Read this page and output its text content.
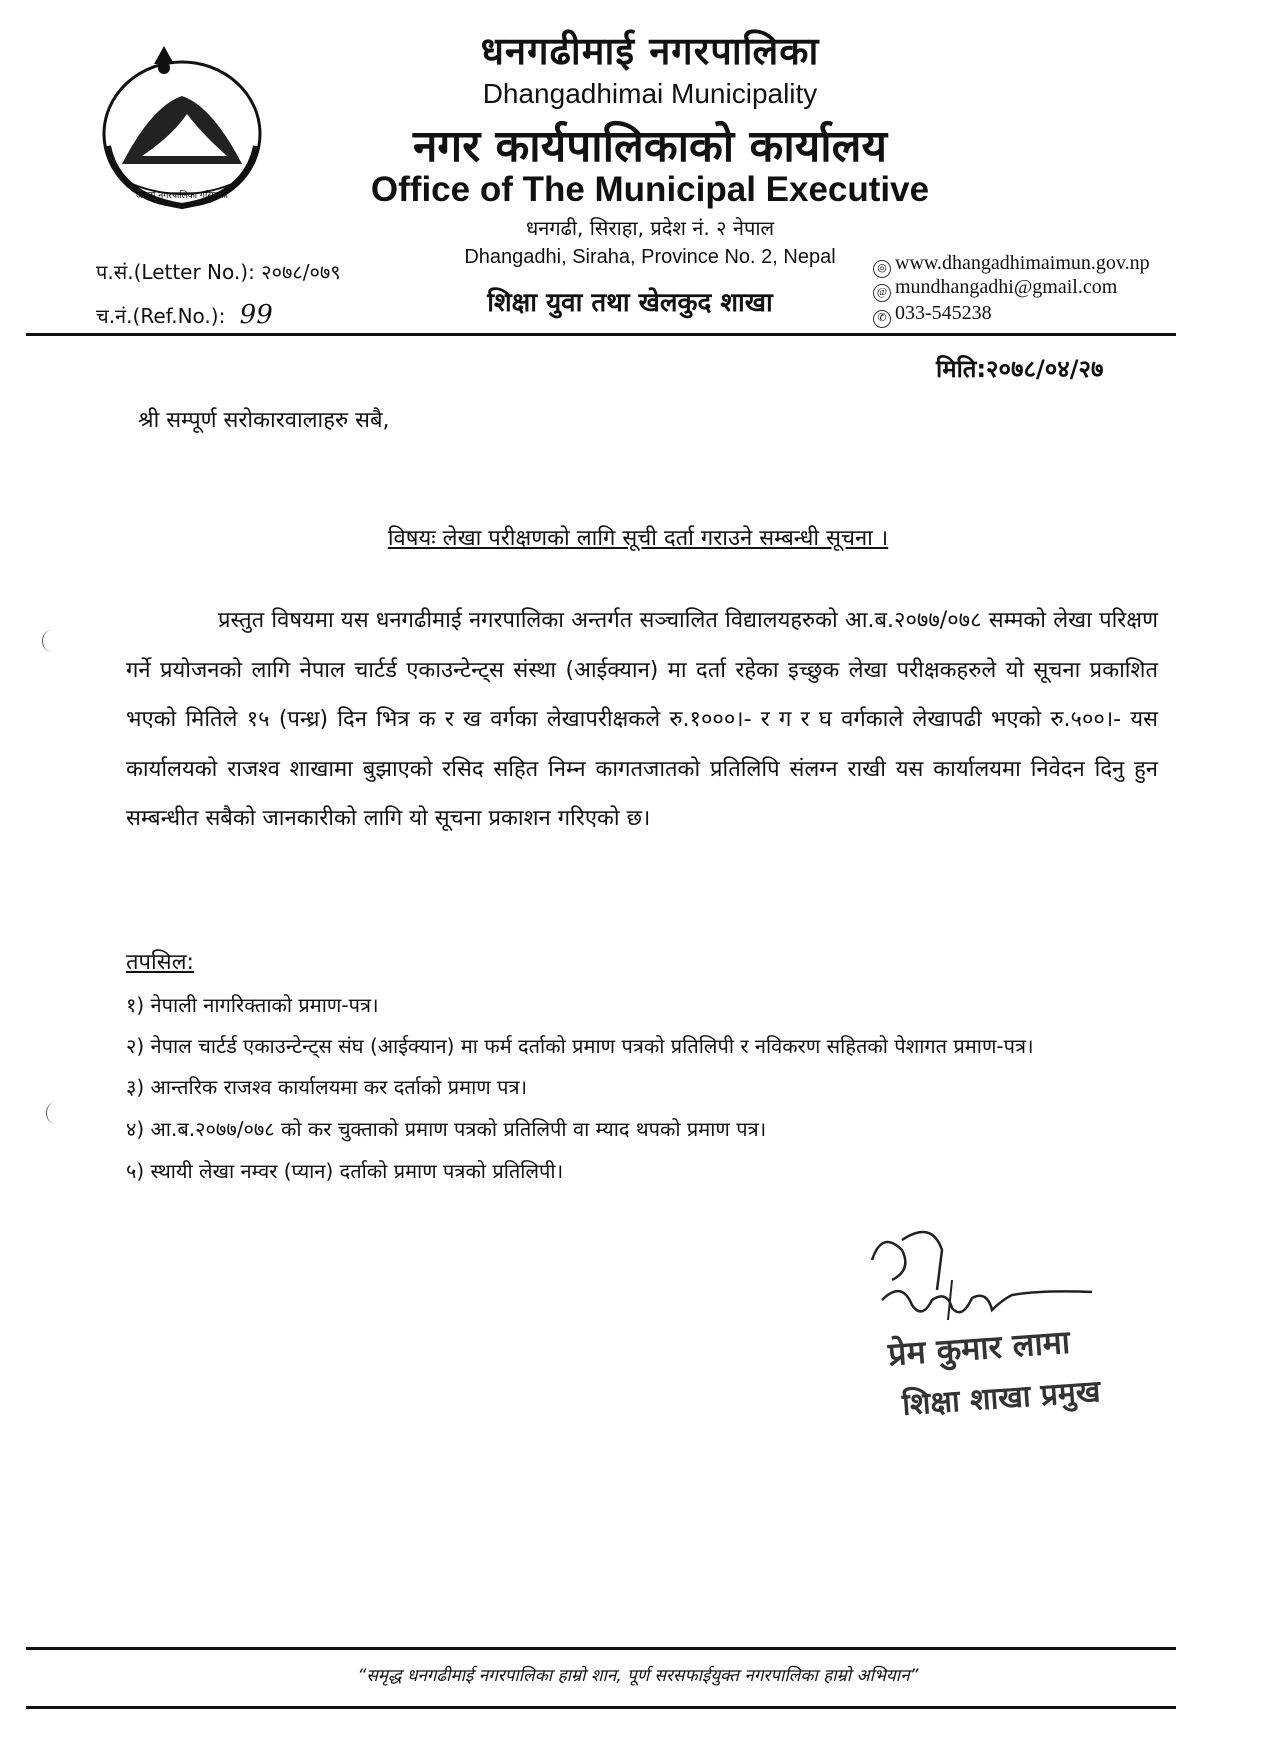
अपनो नगरपालिका गरिमाको
धनगढीमाई नगरपालिका
Dhangadhimai Municipality
नगर कार्यपालिकाको कार्यालय
Office of The Municipal Executive
धनगढी, सिराहा, प्रदेश नं. २ नेपाल
Dhangadhi, Siraha, Province No. 2, Nepal
शिक्षा युवा तथा खेलकुद शाखा
प.सं.(Letter No.): २०७८/०७९
च.नं.(Ref.No.): 99
◎ www.dhangadhimaimun.gov.np
@ mundhangadhi@gmail.com
✆ 033-545238
मिति:२०७८/०४/२७
श्री सम्पूर्ण सरोकारवालाहरु सबै,
विषयः लेखा परीक्षणको लागि सूची दर्ता गराउने सम्बन्धी सूचना ।

प्रस्तुत विषयमा यस धनगढीमाई नगरपालिका अन्तर्गत सञ्चालित विद्यालयहरुको आ.ब.२०७७/०७८ सम्मको लेखा परिक्षण गर्ने प्रयोजनको लागि नेपाल चार्टर्ड एकाउन्टेन्ट्स संस्था (आईक्यान) मा दर्ता रहेका इच्छुक लेखा परीक्षकहरुले यो सूचना प्रकाशित भएको मितिले १५ (पन्ध्र) दिन भित्र क र ख वर्गका लेखापरीक्षकले रु.१०००।- र ग र घ वर्गकाले लेखापढी भएको रु.५००।- यस कार्यालयको राजश्व शाखामा बुझाएको रसिद सहित निम्न कागतजातको प्रतिलिपि संलग्न राखी यस कार्यालयमा निवेदन दिनु हुन सम्बन्धीत सबैको जानकारीको लागि यो सूचना प्रकाशन गरिएको छ।

तपसिल:
१) नेपाली नागरिक्ताको प्रमाण-पत्र।
२) नेपाल चार्टर्ड एकाउन्टेन्ट्स संघ (आईक्यान) मा फर्म दर्ताको प्रमाण पत्रको प्रतिलिपी र नविकरण सहितको पेशागत प्रमाण-पत्र।
३) आन्तरिक राजश्व कार्यालयमा कर दर्ताको प्रमाण पत्र।
४) आ.ब.२०७७/०७८ को कर चुक्ताको प्रमाण पत्रको प्रतिलिपी वा म्याद थपको प्रमाण पत्र।
५) स्थायी लेखा नम्वर (प्यान) दर्ताको प्रमाण पत्रको प्रतिलिपी।
प्रेम कुमार लामा
शिक्षा शाखा प्रमुख
“समृद्ध धनगढीमाई नगरपालिका हाम्रो शान, पूर्ण सरसफाईयुक्त नगरपालिका हाम्रो अभियान”
